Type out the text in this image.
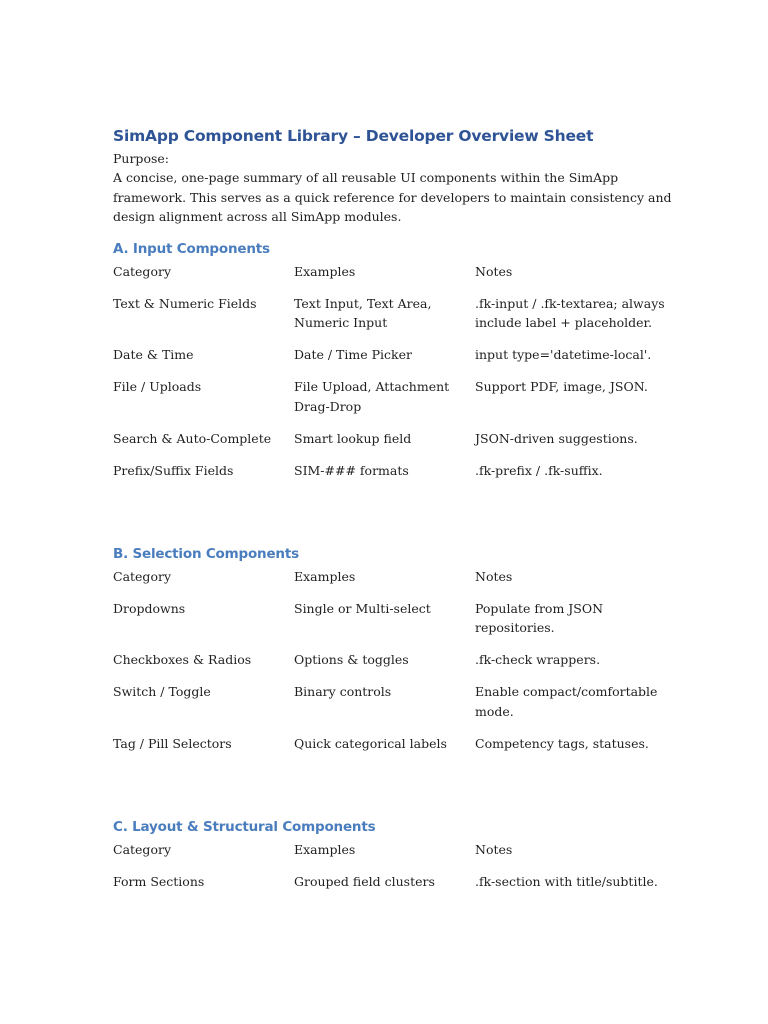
SimApp Component Library – Developer Overview Sheet

Purpose:

A concise, one-page summary of all reusable UI components within the SimApp framework. This serves as a quick reference for developers to maintain consistency and design alignment across all SimApp modules.

A. Input Components
Category	Examples	Notes
Text & Numeric Fields	Text Input, Text Area, Numeric Input	.fk-input / .fk-textarea; always include label + placeholder.
Date & Time	Date / Time Picker	input type='datetime-local'.
File / Uploads	File Upload, Attachment Drag-Drop	Support PDF, image, JSON.
Search & Auto-Complete	Smart lookup field	JSON-driven suggestions.
Prefix/Suffix Fields	SIM-### formats	.fk-prefix / .fk-suffix.
B. Selection Components
Category	Examples	Notes
Dropdowns	Single or Multi-select	Populate from JSON repositories.
Checkboxes & Radios	Options & toggles	.fk-check wrappers.
Switch / Toggle	Binary controls	Enable compact/comfortable mode.
Tag / Pill Selectors	Quick categorical labels	Competency tags, statuses.
C. Layout & Structural Components
Category	Examples	Notes
Form Sections	Grouped field clusters	.fk-section with title/subtitle.
